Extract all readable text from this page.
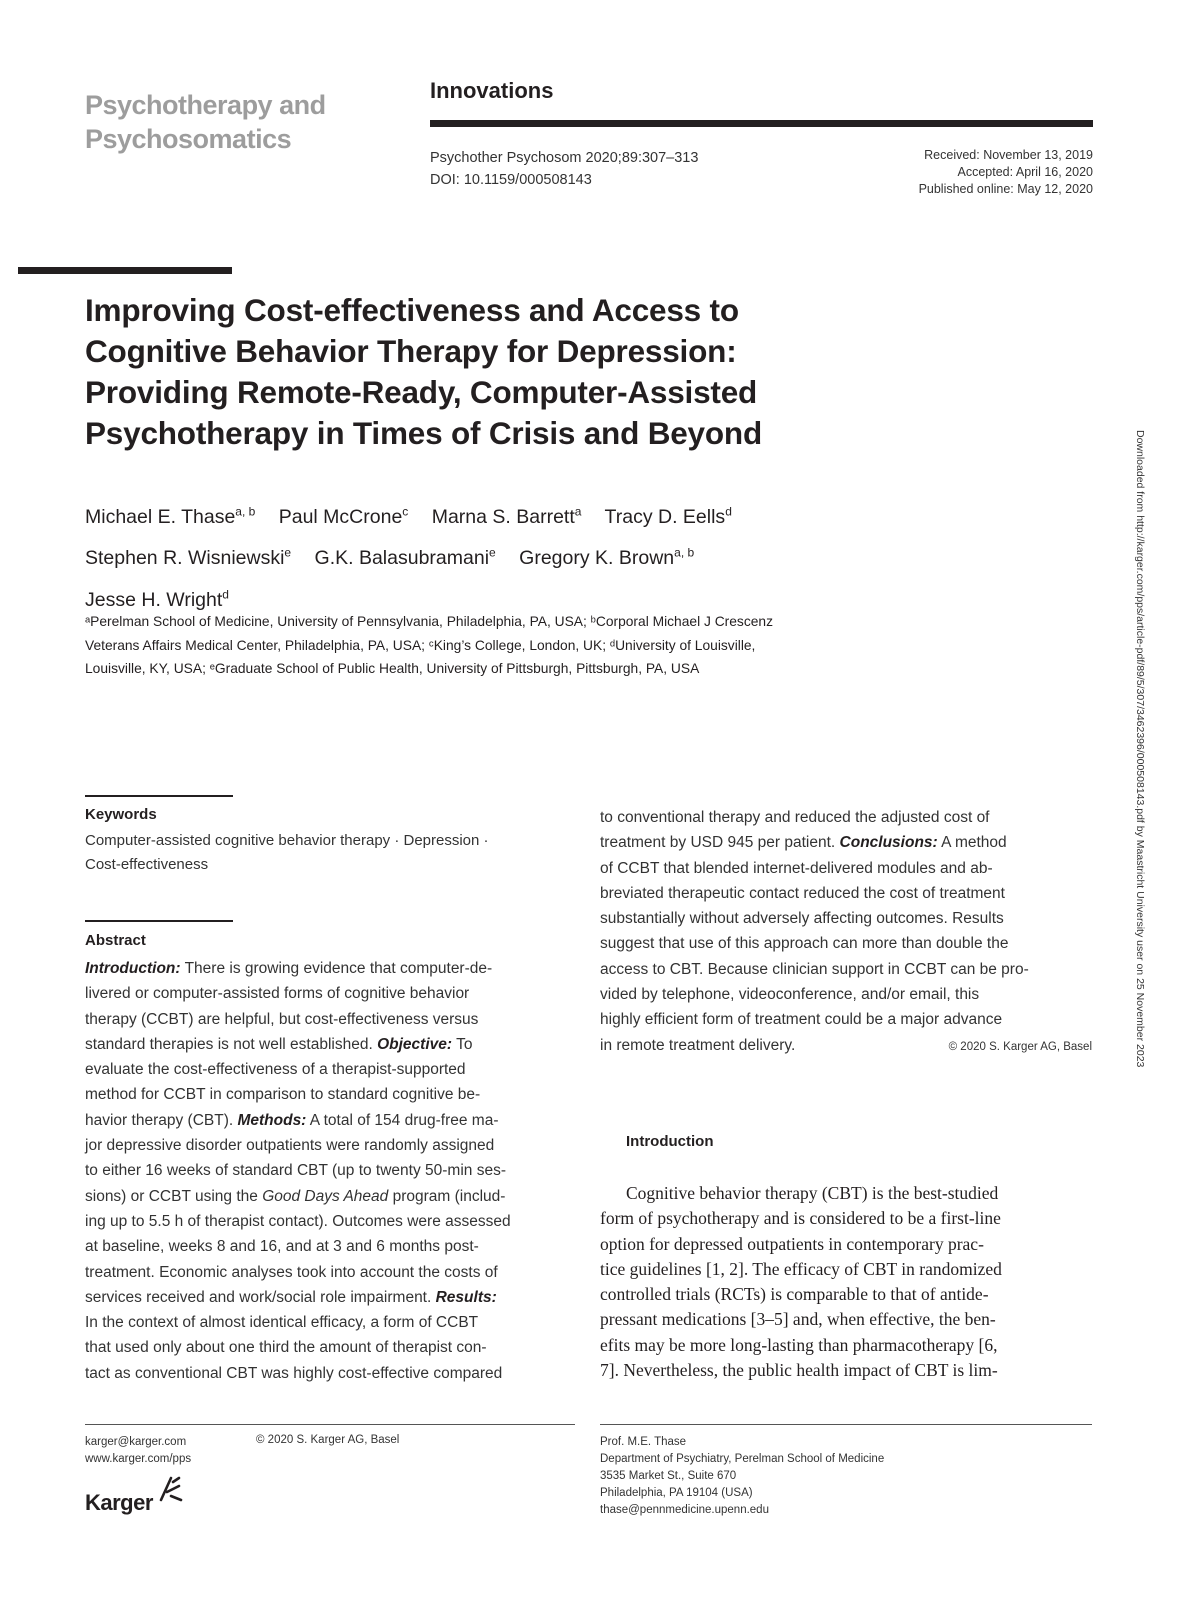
Psychotherapy and
Psychosomatics
Innovations
Psychother Psychosom 2020;89:307–313
DOI: 10.1159/000508143
Received: November 13, 2019
Accepted: April 16, 2020
Published online: May 12, 2020
Improving Cost-effectiveness and Access to
Cognitive Behavior Therapy for Depression:
Providing Remote-Ready, Computer-Assisted
Psychotherapy in Times of Crisis and Beyond
Michael E. Thase$^{a, b}$ Paul McCrone$^c$ Marna S. Barrett$^a$ Tracy D. Eells$^d$
Stephen R. Wisniewski$^e$ G.K. Balasubramani$^e$ Gregory K. Brown$^{a, b}$
Jesse H. Wright$^d$
ᵃPerelman School of Medicine, University of Pennsylvania, Philadelphia, PA, USA; ᵇCorporal Michael J Crescenz
Veterans Affairs Medical Center, Philadelphia, PA, USA; ᶜKing’s College, London, UK; ᵈUniversity of Louisville,
Louisville, KY, USA; ᵉGraduate School of Public Health, University of Pittsburgh, Pittsburgh, PA, USA	Downloaded from http://karger.com/pps/article-pdf/89/5/307/3462396/000508143.pdf by Maastricht University user on 25 November 2023
Keywords
Computer-assisted cognitive behavior therapy · Depression ·
Cost-effectiveness
Abstract
Introduction: There is growing evidence that computer-de-
livered or computer-assisted forms of cognitive behavior
therapy (CCBT) are helpful, but cost-effectiveness versus
standard therapies is not well established. Objective: To
evaluate the cost-effectiveness of a therapist-supported
method for CCBT in comparison to standard cognitive be-
havior therapy (CBT). Methods: A total of 154 drug-free ma-
jor depressive disorder outpatients were randomly assigned
to either 16 weeks of standard CBT (up to twenty 50-min ses-
sions) or CCBT using the Good Days Ahead program (includ-
ing up to 5.5 h of therapist contact). Outcomes were assessed
at baseline, weeks 8 and 16, and at 3 and 6 months post-
treatment. Economic analyses took into account the costs of
services received and work/social role impairment. Results:
In the context of almost identical efficacy, a form of CCBT
that used only about one third the amount of therapist con-
tact as conventional CBT was highly cost-effective compared
to conventional therapy and reduced the adjusted cost of
treatment by USD 945 per patient. Conclusions: A method
of CCBT that blended internet-delivered modules and ab-
breviated therapeutic contact reduced the cost of treatment
substantially without adversely affecting outcomes. Results
suggest that use of this approach can more than double the
access to CBT. Because clinician support in CCBT can be pro-
vided by telephone, videoconference, and/or email, this
highly efficient form of treatment could be a major advance
in remote treatment delivery.	© 2020 S. Karger AG, Basel
Introduction
Cognitive behavior therapy (CBT) is the best-studied
form of psychotherapy and is considered to be a first-line
option for depressed outpatients in contemporary prac-
tice guidelines [1, 2]. The efficacy of CBT in randomized
controlled trials (RCTs) is comparable to that of antide-
pressant medications [3–5] and, when effective, the ben-
efits may be more long-lasting than pharmacotherapy [6,
7]. Nevertheless, the public health impact of CBT is lim-
karger@karger.com
www.karger.com/pps
© 2020 S. Karger AG, Basel
Karger
Prof. M.E. Thase
Department of Psychiatry, Perelman School of Medicine
3535 Market St., Suite 670
Philadelphia, PA 19104 (USA)
thase@pennmedicine.upenn.edu
